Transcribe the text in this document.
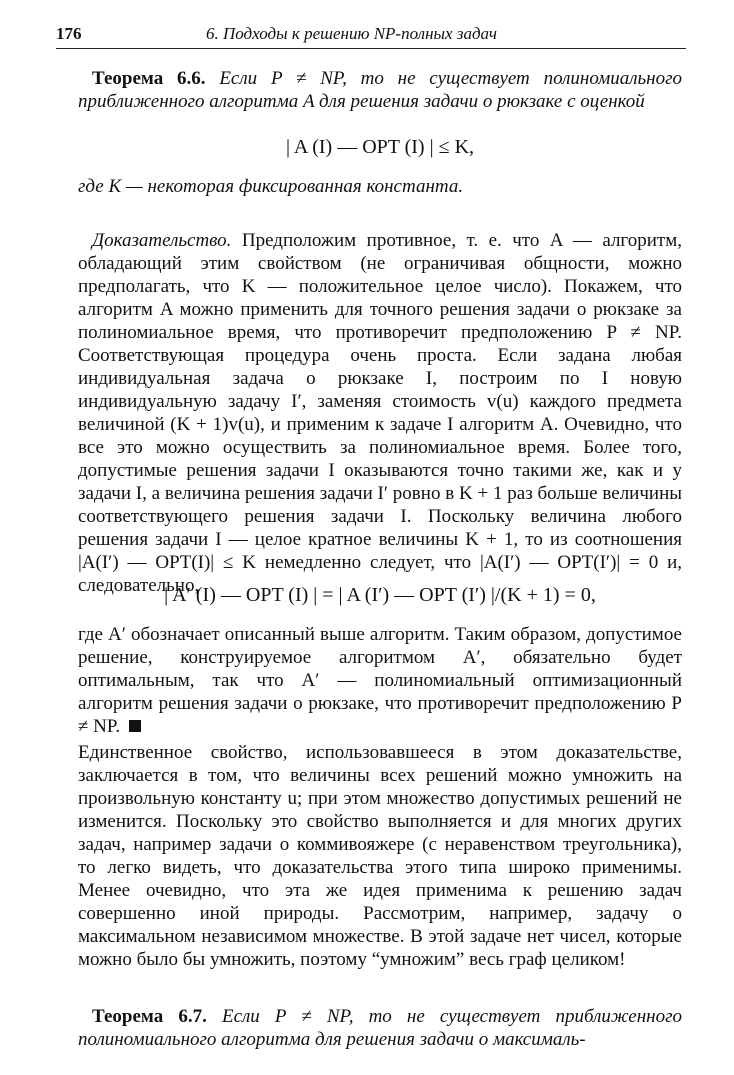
176	6. Подходы к решению NP-полных задач

Теорема 6.6. Если P ≠ NP, то не существует полиномиального приближенного алгоритма A для решения задачи о рюкзаке с оценкой

| A (I) — OPT (I) | ≤ K,

где K — некоторая фиксированная константа.

Доказательство. Предположим противное, т. е. что A — алгоритм, обладающий этим свойством (не ограничивая общности, можно предполагать, что K — положительное целое число). Покажем, что алгоритм A можно применить для точного решения задачи о рюкзаке за полиномиальное время, что противоречит предположению P ≠ NP. Соответствующая процедура очень проста. Если задана любая индивидуальная задача о рюкзаке I, построим по I новую индивидуальную задачу I′, заменяя стоимость v(u) каждого предмета величиной (K + 1)v(u), и применим к задаче I алгоритм A. Очевидно, что все это можно осуществить за полиномиальное время. Более того, допустимые решения задачи I оказываются точно такими же, как и у задачи I, а величина решения задачи I′ ровно в K + 1 раз больше величины соответствующего решения задачи I. Поскольку величина любого решения задачи I — целое кратное величины K + 1, то из соотношения |A(I′) — OPT(I)| ≤ K немедленно следует, что |A(I′) — OPT(I′)| = 0 и, следовательно,

| A′ (I) — OPT (I) | = | A (I′) — OPT (I′) |/(K + 1) = 0,

где A′ обозначает описанный выше алгоритм. Таким образом, допустимое решение, конструируемое алгоритмом A′, обязательно будет оптимальным, так что A′ — полиномиальный оптимизационный алгоритм решения задачи о рюкзаке, что противоречит предположению P ≠ NP.

Единственное свойство, использовавшееся в этом доказательстве, заключается в том, что величины всех решений можно умножить на произвольную константу u; при этом множество допустимых решений не изменится. Поскольку это свойство выполняется и для многих других задач, например задачи о коммивояжере (с неравенством треугольника), то легко видеть, что доказательства этого типа широко применимы. Менее очевидно, что эта же идея применима к решению задач совершенно иной природы. Рассмотрим, например, задачу о максимальном независимом множестве. В этой задаче нет чисел, которые можно было бы умножить, поэтому “умножим” весь граф целиком!

Теорема 6.7. Если P ≠ NP, то не существует приближенного полиномиального алгоритма для решения задачи о максималь-
